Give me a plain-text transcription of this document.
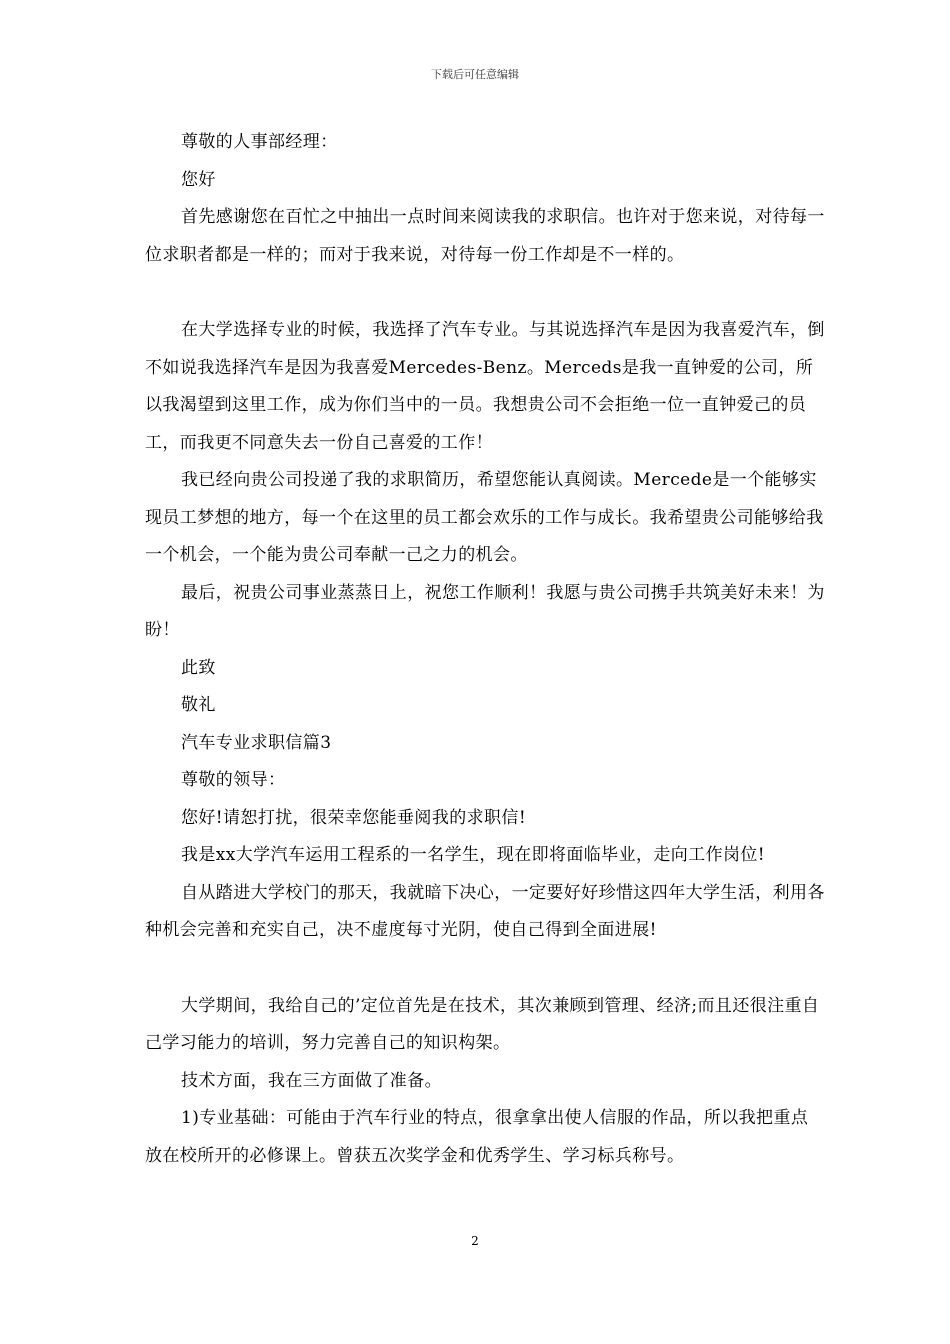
下载后可任意编辑

尊敬的人事部经理：

您好

首先感谢您在百忙之中抽出一点时间来阅读我的求职信。也许对于您来说，对待每一位求职者都是一样的；而对于我来说，对待每一份工作却是不一样的。

在大学选择专业的时候，我选择了汽车专业。与其说选择汽车是因为我喜爱汽车，倒不如说我选择汽车是因为我喜爱Mercedes-Benz。Merceds是我一直钟爱的公司，所以我渴望到这里工作，成为你们当中的一员。我想贵公司不会拒绝一位一直钟爱己的员工，而我更不同意失去一份自己喜爱的工作！

我已经向贵公司投递了我的求职简历，希望您能认真阅读。Mercede是一个能够实现员工梦想的地方，每一个在这里的员工都会欢乐的工作与成长。我希望贵公司能够给我一个机会，一个能为贵公司奉献一己之力的机会。

最后，祝贵公司事业蒸蒸日上，祝您工作顺利！我愿与贵公司携手共筑美好未来！为盼！

此致

敬礼

汽车专业求职信篇3

尊敬的领导：

您好!请恕打扰，很荣幸您能垂阅我的求职信!

我是xx大学汽车运用工程系的一名学生，现在即将面临毕业，走向工作岗位!

自从踏进大学校门的那天，我就暗下决心，一定要好好珍惜这四年大学生活，利用各种机会完善和充实自己，决不虚度每寸光阴，使自己得到全面进展!

大学期间，我给自己的’定位首先是在技术，其次兼顾到管理、经济;而且还很注重自己学习能力的培训，努力完善自己的知识构架。

技术方面，我在三方面做了准备。

1)专业基础：可能由于汽车行业的特点，很拿拿出使人信服的作品，所以我把重点放在校所开的必修课上。曾获五次奖学金和优秀学生、学习标兵称号。

2
